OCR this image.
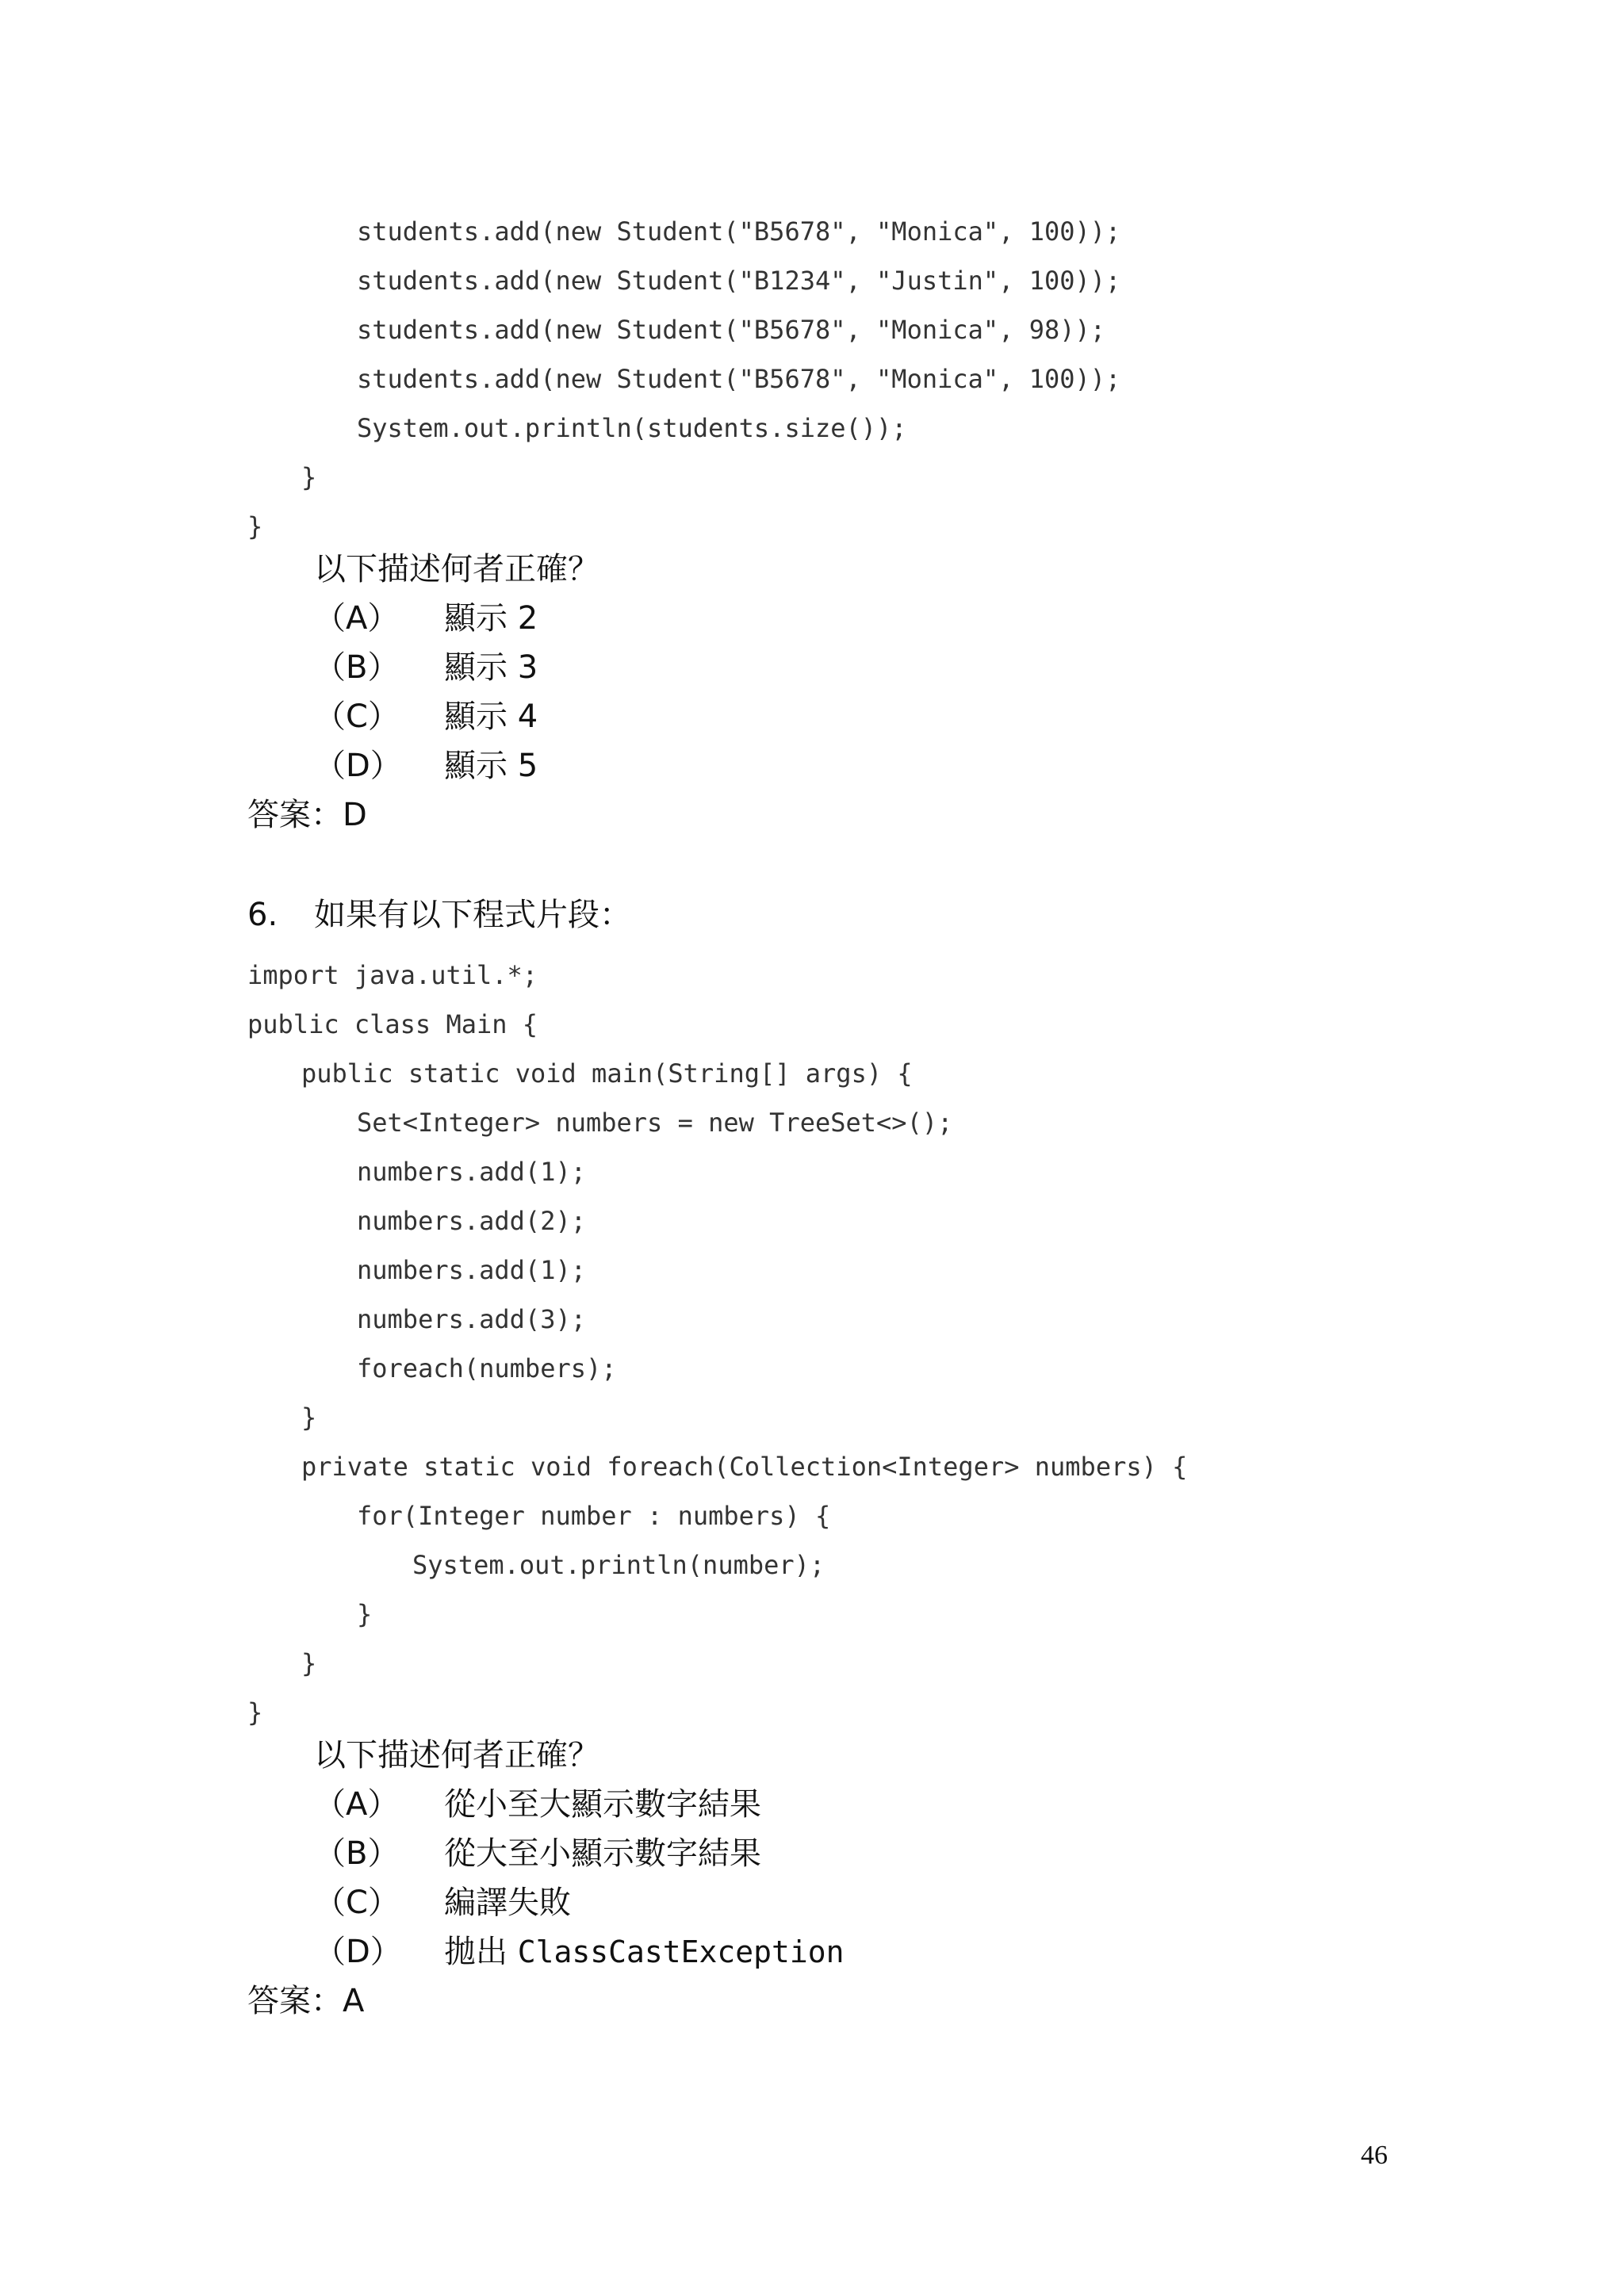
students.add(new Student("B5678", "Monica", 100));
students.add(new Student("B1234", "Justin", 100));
students.add(new Student("B5678", "Monica", 98));
students.add(new Student("B5678", "Monica", 100));
System.out.println(students.size());
}
}
以下描述何者正確？
（A） 顯示 2
（B） 顯示 3
（C） 顯示 4
（D） 顯示 5
答案：D
6. 如果有以下程式片段：
import java.util.*;
public class Main {
public static void main(String[] args) {
Set<Integer> numbers = new TreeSet<>();
numbers.add(1);
numbers.add(2);
numbers.add(1);
numbers.add(3);
foreach(numbers);
}
private static void foreach(Collection<Integer> numbers) {
for(Integer number : numbers) {
System.out.println(number);
}
}
}
以下描述何者正確？
（A） 從小至大顯示數字結果
（B） 從大至小顯示數字結果
（C） 編譯失敗
（D） 拋出 ClassCastException
答案：A
46
